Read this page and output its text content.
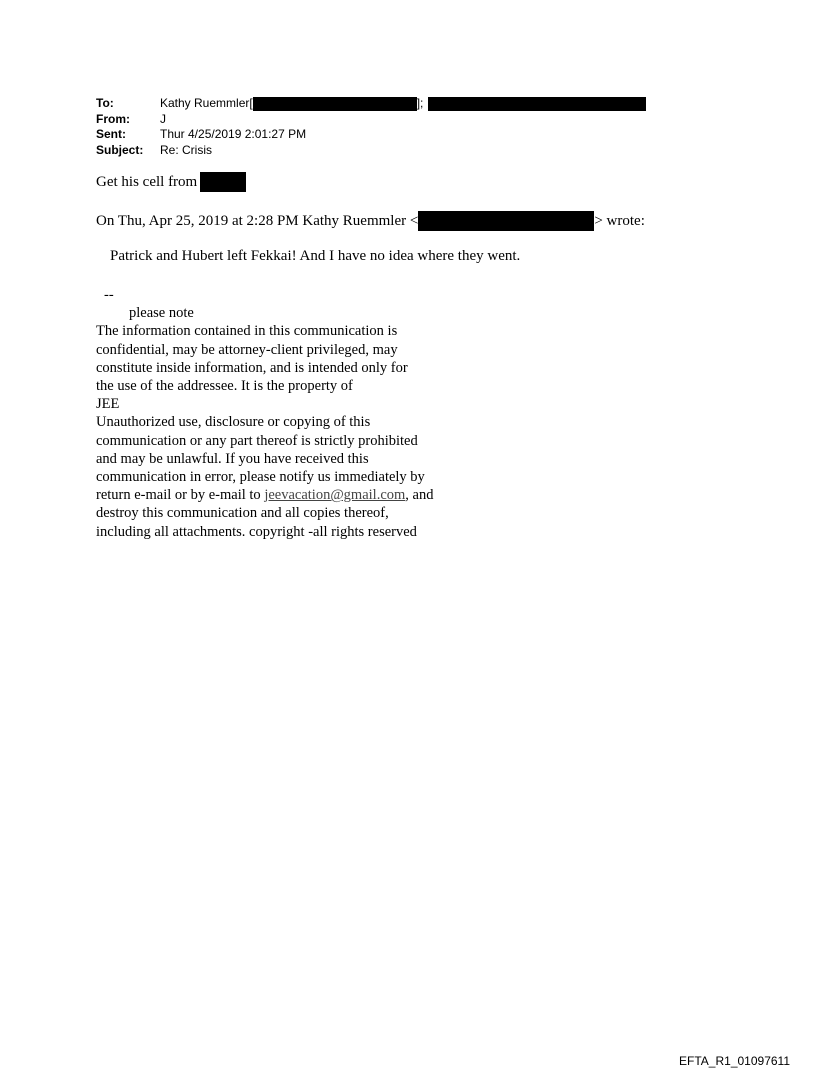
To:	Kathy Ruemmler[	];
From:	J
Sent:	Thur 4/25/2019 2:01:27 PM
Subject:	Re: Crisis
Get his cell from
On Thu, Apr 25, 2019 at 2:28 PM Kathy Ruemmler <	> wrote:
Patrick and Hubert left Fekkai! And I have no idea where they went.
--
please note
The information contained in this communication is
confidential, may be attorney-client privileged, may
constitute inside information, and is intended only for
the use of the addressee. It is the property of
JEE
Unauthorized use, disclosure or copying of this
communication or any part thereof is strictly prohibited
and may be unlawful. If you have received this
communication in error, please notify us immediately by
return e-mail or by e-mail to jeevacation@gmail.com, and
destroy this communication and all copies thereof,
including all attachments. copyright -all rights reserved
EFTA_R1_01097611
